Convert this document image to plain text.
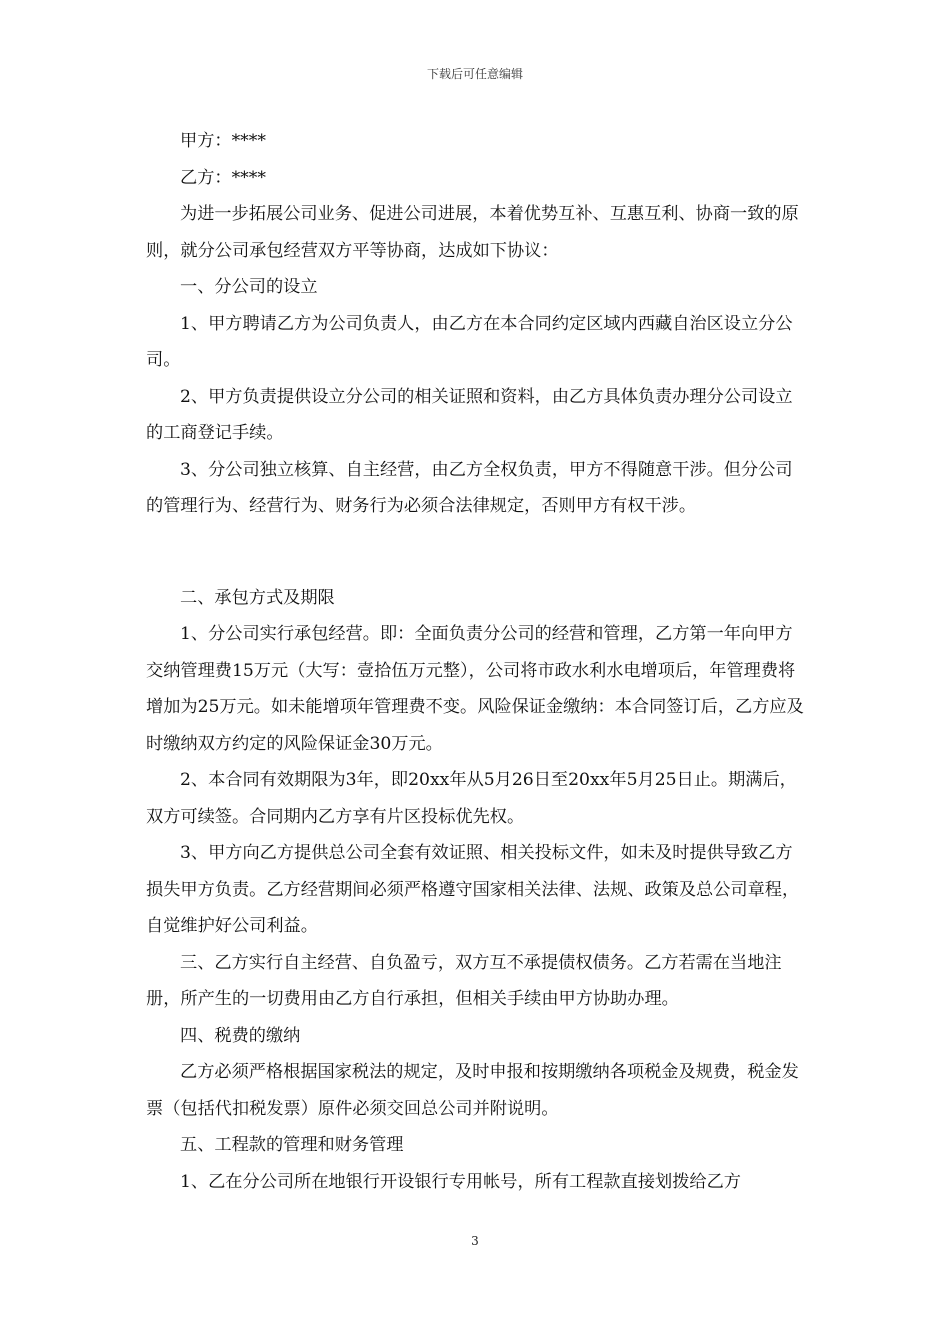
下载后可任意编辑

甲方：****

乙方：****

为进一步拓展公司业务、促进公司进展，本着优势互补、互惠互利、协商一致的原则，就分公司承包经营双方平等协商，达成如下协议：

一、分公司的设立

1、甲方聘请乙方为公司负责人，由乙方在本合同约定区域内西藏自治区设立分公司。

2、甲方负责提供设立分公司的相关证照和资料，由乙方具体负责办理分公司设立的工商登记手续。

3、分公司独立核算、自主经营，由乙方全权负责，甲方不得随意干涉。但分公司的管理行为、经营行为、财务行为必须合法律规定，否则甲方有权干涉。

二、承包方式及期限

1、分公司实行承包经营。即：全面负责分公司的经营和管理，乙方第一年向甲方交纳管理费15万元（大写：壹拾伍万元整），公司将市政水利水电增项后，年管理费将增加为25万元。如未能增项年管理费不变。风险保证金缴纳：本合同签订后，乙方应及时缴纳双方约定的风险保证金30万元。

2、本合同有效期限为3年，即20xx年从5月26日至20xx年5月25日止。期满后，双方可续签。合同期内乙方享有片区投标优先权。

3、甲方向乙方提供总公司全套有效证照、相关投标文件，如未及时提供导致乙方损失甲方负责。乙方经营期间必须严格遵守国家相关法律、法规、政策及总公司章程，自觉维护好公司利益。

三、乙方实行自主经营、自负盈亏，双方互不承提债权债务。乙方若需在当地注册，所产生的一切费用由乙方自行承担，但相关手续由甲方协助办理。

四、税费的缴纳

乙方必须严格根据国家税法的规定，及时申报和按期缴纳各项税金及规费，税金发票（包括代扣税发票）原件必须交回总公司并附说明。

五、工程款的管理和财务管理

1、乙在分公司所在地银行开设银行专用帐号，所有工程款直接划拨给乙方

3
